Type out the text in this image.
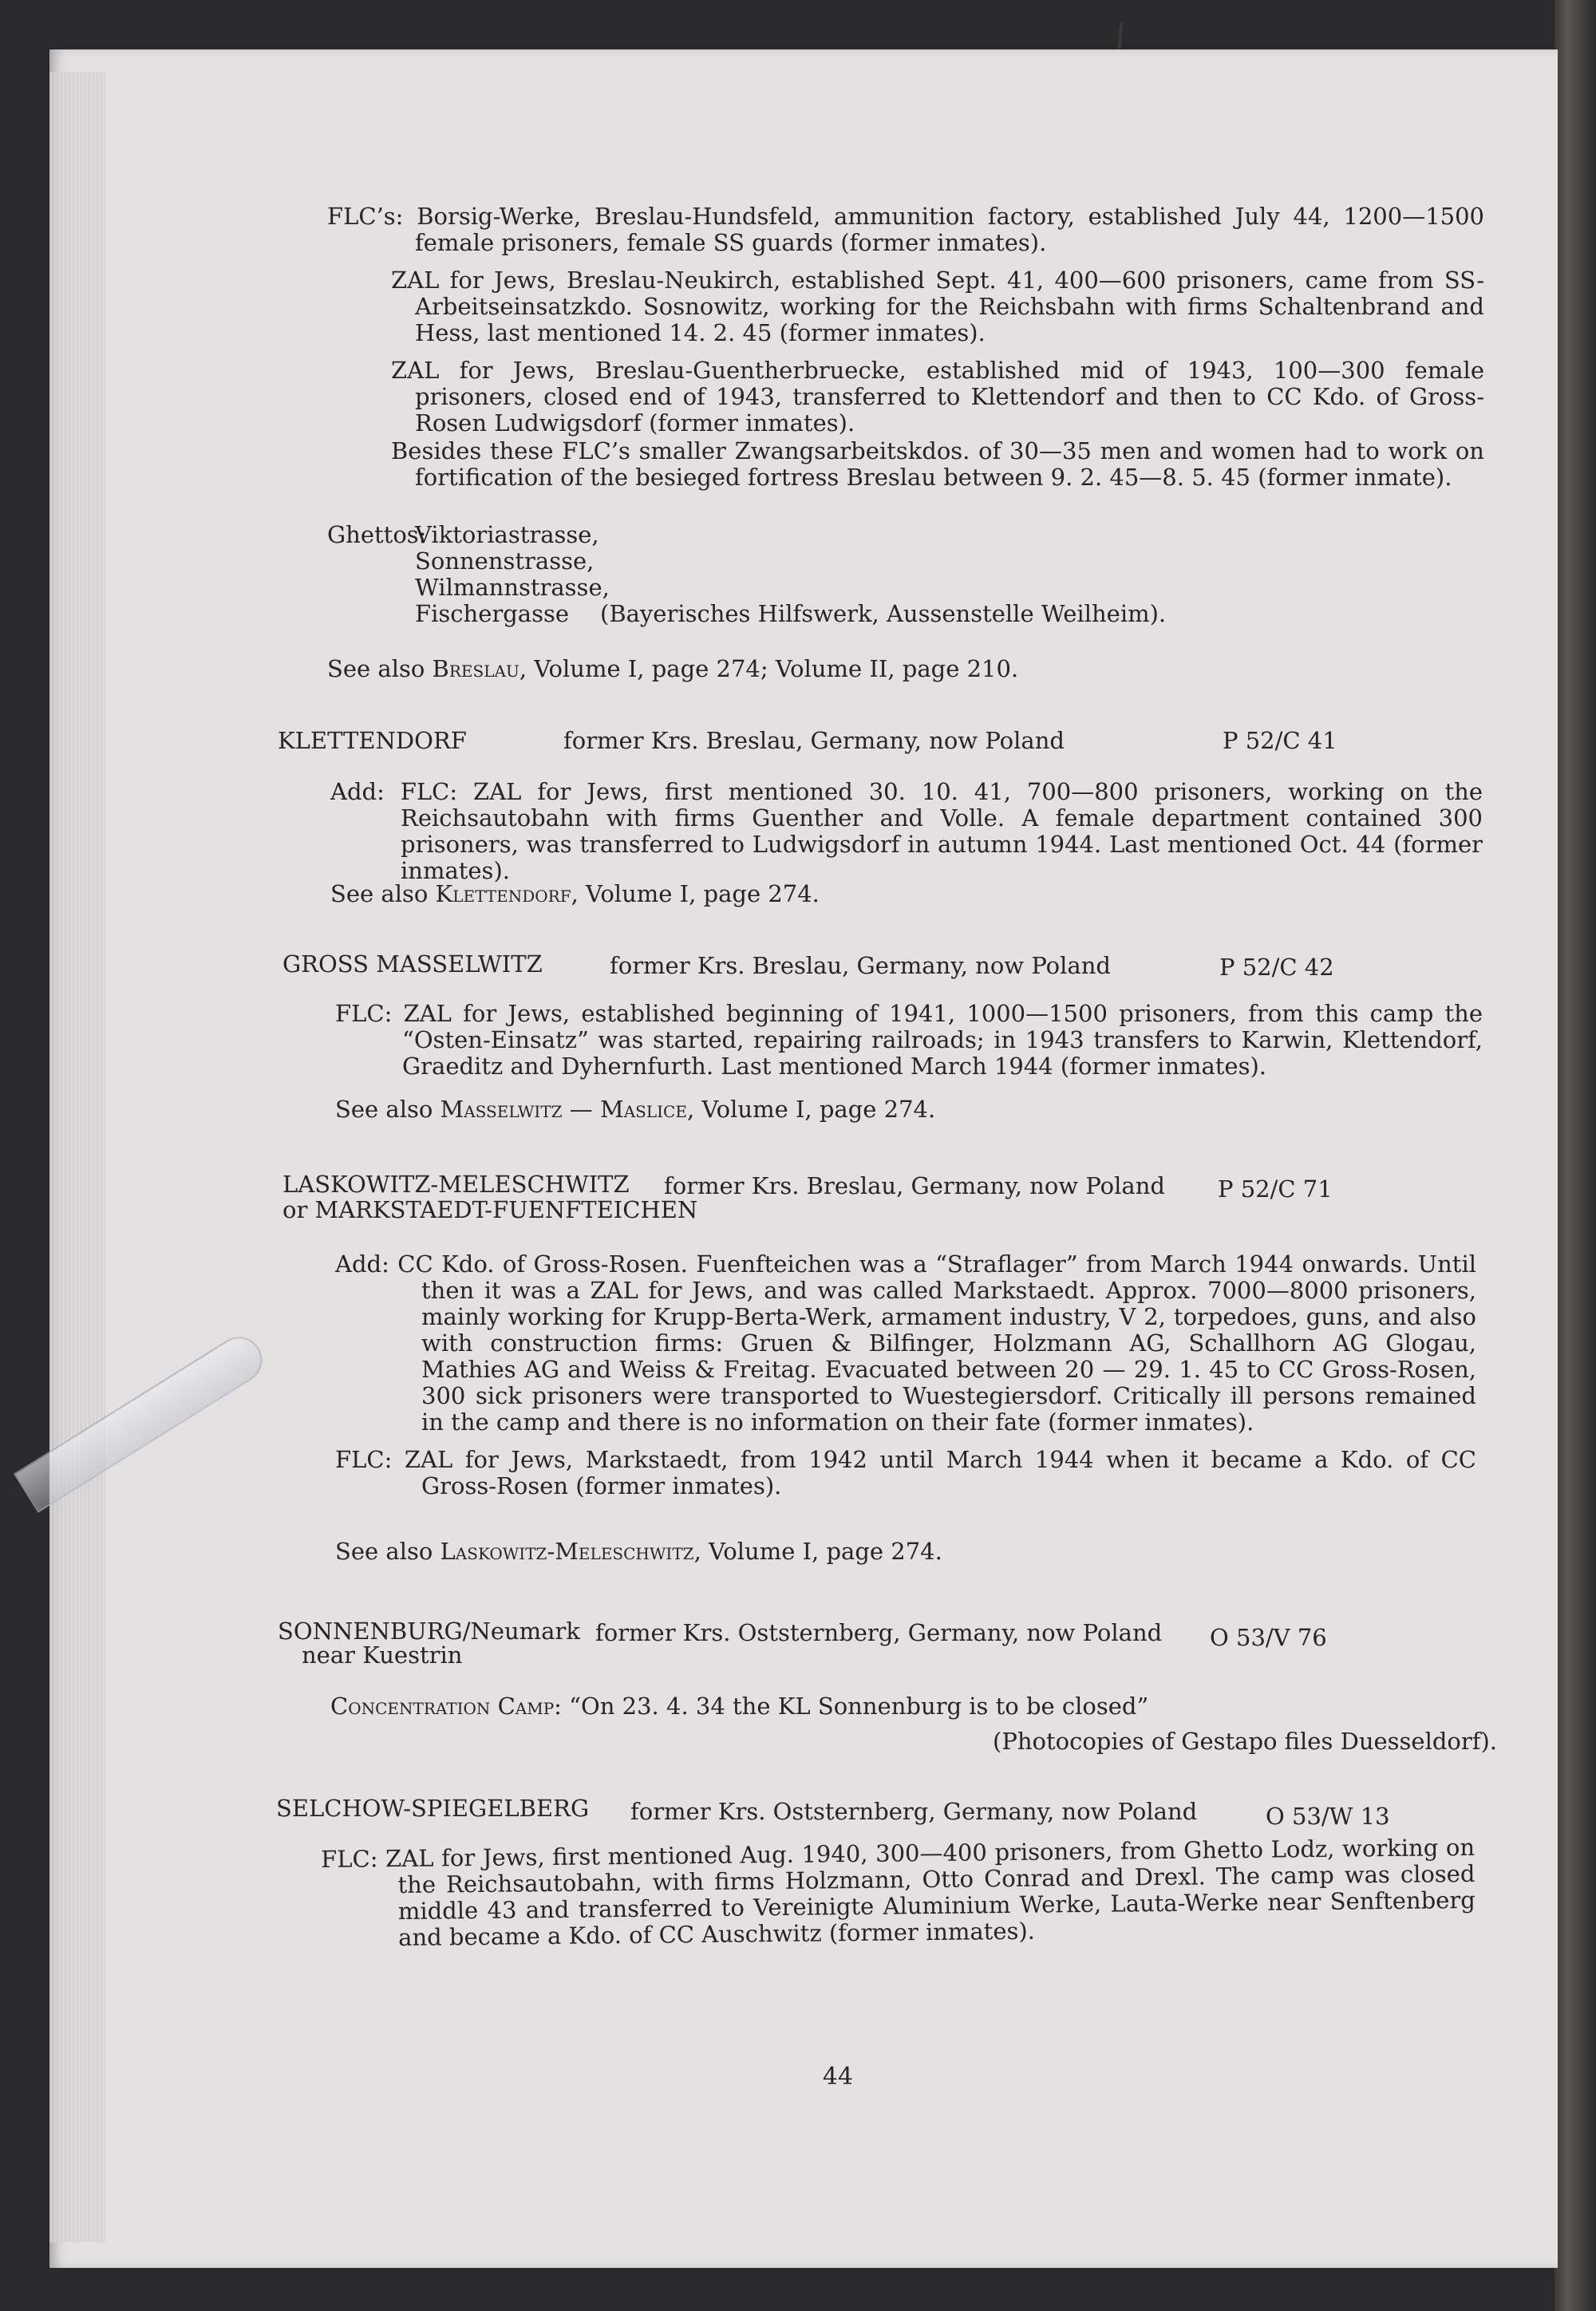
FLC’s: Borsig-Werke, Breslau-Hundsfeld, ammunition factory, established July 44, 1200—1500 female prisoners, female SS guards (former inmates).

ZAL for Jews, Breslau-Neukirch, established Sept. 41, 400—600 prisoners, came from SS-Arbeitseinsatzkdo. Sosnowitz, working for the Reichsbahn with firms Schaltenbrand and Hess, last mentioned 14. 2. 45 (former inmates).

ZAL for Jews, Breslau-Guentherbruecke, established mid of 1943, 100—300 female prisoners, closed end of 1943, transferred to Klettendorf and then to CC Kdo. of Gross-Rosen Ludwigsdorf (former inmates).

Besides these FLC’s smaller Zwangsarbeitskdos. of 30—35 men and women had to work on fortification of the besieged fortress Breslau between 9. 2. 45—8. 5. 45 (former inmate).

Ghettos:
Viktoriastrasse,
Sonnenstrasse,
Wilmannstrasse,
Fischergasse (Bayerisches Hilfswerk, Aussenstelle Weilheim).
See also Breslau, Volume I, page 274; Volume II, page 210.
KLETTENDORF	former Krs. Breslau, Germany, now Poland	P 52/C 41

Add: FLC: ZAL for Jews, first mentioned 30. 10. 41, 700—800 prisoners, working on the Reichsautobahn with firms Guenther and Volle. A female department contained 300 prisoners, was transferred to Ludwigsdorf in autumn 1944. Last mentioned Oct. 44 (former inmates).

See also Klettendorf, Volume I, page 274.
GROSS MASSELWITZ	former Krs. Breslau, Germany, now Poland	P 52/C 42

FLC: ZAL for Jews, established beginning of 1941, 1000—1500 prisoners, from this camp the “Osten-Einsatz” was started, repairing railroads; in 1943 transfers to Karwin, Klettendorf, Graeditz and Dyhernfurth. Last mentioned March 1944 (former inmates).

See also Masselwitz — Maslice, Volume I, page 274.
LASKOWITZ-MELESCHWITZ
or MARKSTAEDT-FUENFTEICHEN
former Krs. Breslau, Germany, now Poland P 52/C 71

Add: CC Kdo. of Gross-Rosen. Fuenfteichen was a “Straflager” from March 1944 onwards. Until then it was a ZAL for Jews, and was called Markstaedt. Approx. 7000—8000 prisoners, mainly working for Krupp-Berta-Werk, armament industry, V 2, torpedoes, guns, and also with construction firms: Gruen & Bilfinger, Holzmann AG, Schallhorn AG Glogau, Mathies AG and Weiss & Freitag. Evacuated between 20 — 29. 1. 45 to CC Gross-Rosen, 300 sick prisoners were transported to Wuestegiersdorf. Critically ill persons remained in the camp and there is no information on their fate (former inmates).

FLC: ZAL for Jews, Markstaedt, from 1942 until March 1944 when it became a Kdo. of CC Gross-Rosen (former inmates).

See also Laskowitz-Meleschwitz, Volume I, page 274.
SONNENBURG/Neumark
near Kuestrin
former Krs. Oststernberg, Germany, now Poland O 53/V 76
Concentration Camp: “On 23. 4. 34 the KL Sonnenburg is to be closed”
(Photocopies of Gestapo files Duesseldorf).
SELCHOW-SPIEGELBERG former Krs. Oststernberg, Germany, now Poland	O 53/W 13

FLC: ZAL for Jews, first mentioned Aug. 1940, 300—400 prisoners, from Ghetto Lodz, working on the Reichsautobahn, with firms Holzmann, Otto Conrad and Drexl. The camp was closed middle 43 and transferred to Vereinigte Aluminium Werke, Lauta-Werke near Senftenberg and became a Kdo. of CC Auschwitz (former inmates).

44
